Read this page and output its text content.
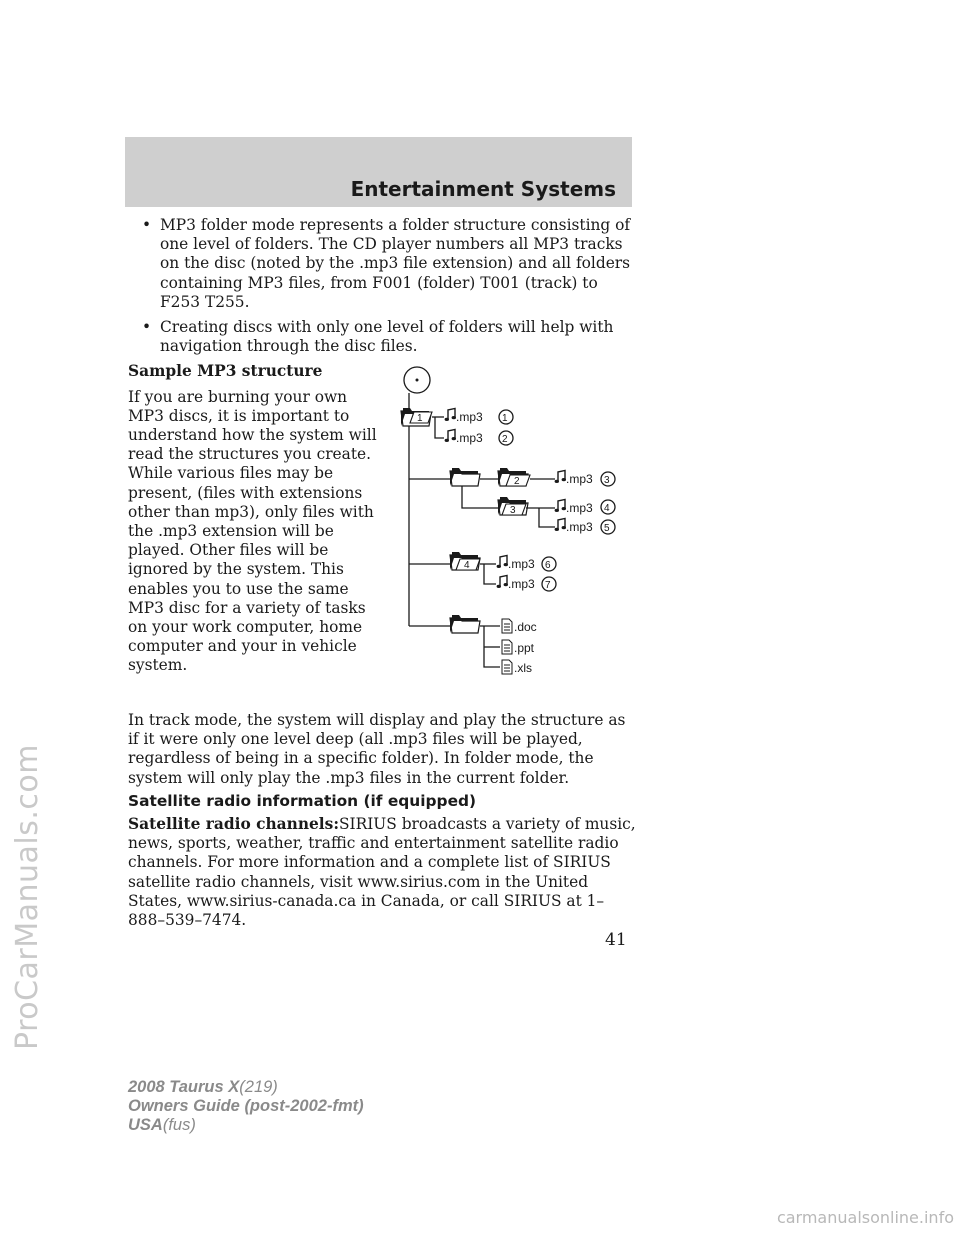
ProCarManuals.com
Entertainment Systems
• MP3 folder mode represents a folder structure consisting of one level of folders. The CD player numbers all MP3 tracks on the disc (noted by the .mp3 file extension) and all folders containing MP3 files, from F001 (folder) T001 (track) to F253 T255.
• Creating discs with only one level of folders will help with navigation through the disc files.
Sample MP3 structure
If you are burning your own MP3 discs, it is important to understand how the system will read the structures you create. While various files may be present, (files with extensions other than mp3), only files with the .mp3 extension will be played. Other files will be ignored by the system. This enables you to use the same MP3 disc for a variety of tasks on your work computer, home computer and your in vehicle system.
1	.mp3 1
.mp3 2
2	.mp3 3
3	.mp3 4
.mp3 5
4	.mp3 6
.mp3 7
.doc
.ppt
.xls
In track mode, the system will display and play the structure as if it were only one level deep (all .mp3 files will be played, regardless of being in a specific folder). In folder mode, the system will only play the .mp3 files in the current folder.
Satellite radio information (if equipped)
Satellite radio channels:SIRIUS broadcasts a variety of music, news, sports, weather, traffic and entertainment satellite radio channels. For more information and a complete list of SIRIUS satellite radio channels, visit www.sirius.com in the United States, www.sirius-canada.ca in Canada, or call SIRIUS at 1–888–539–7474.
41
2008 Taurus X(219)
Owners Guide (post-2002-fmt)
USA(fus)
carmanualsonline.info
